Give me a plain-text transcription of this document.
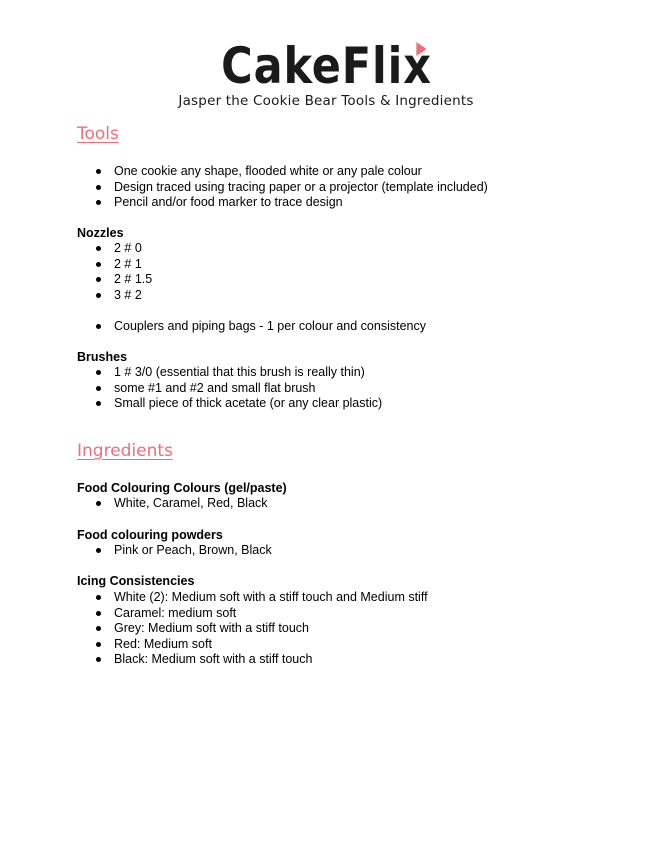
CakeFlix
Jasper the Cookie Bear Tools & Ingredients
Tools
One cookie any shape, flooded white or any pale colour
Design traced using tracing paper or a projector (template included)
Pencil and/or food marker to trace design
Nozzles
2 # 0
2 # 1
2 # 1.5
3 # 2
Couplers and piping bags - 1 per colour and consistency
Brushes
1 # 3/0 (essential that this brush is really thin)
some #1 and #2 and small flat brush
Small piece of thick acetate (or any clear plastic)
Ingredients
Food Colouring Colours (gel/paste)
White, Caramel, Red, Black
Food colouring powders
Pink or Peach, Brown, Black
Icing Consistencies
White (2): Medium soft with a stiff touch and Medium stiff
Caramel: medium soft
Grey: Medium soft with a stiff touch
Red: Medium soft
Black: Medium soft with a stiff touch
